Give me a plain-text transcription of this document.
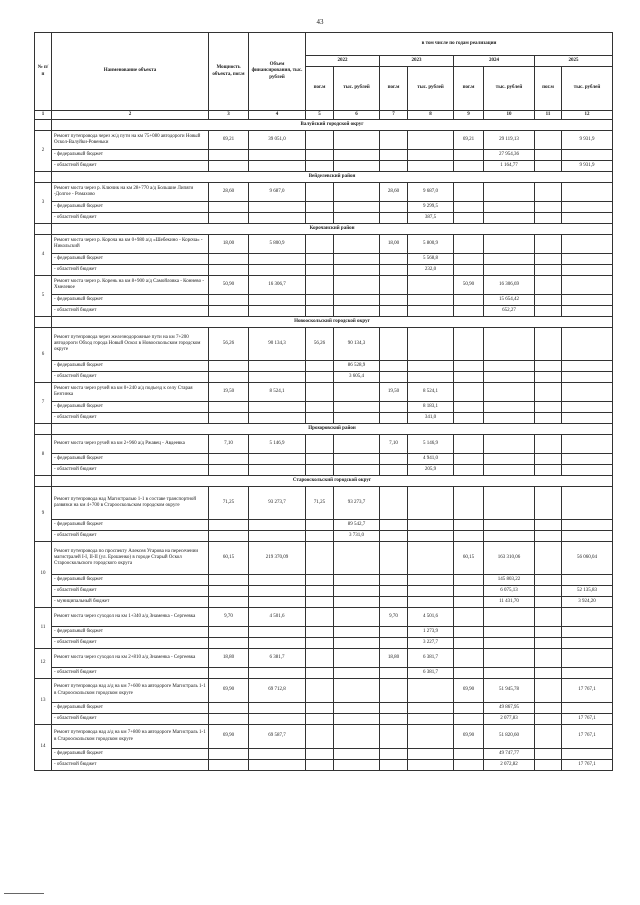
43
№ п/п	Наименование объекта	Мощность объекта, пог.м	Объем финансирования, тыс. рублей	в том числе по годам реализации							
				2022		2023		2024		2025	
				пог.м	тыс. рублей	пог.м	тыс. рублей	пог.м	тыс. рублей	пог.м	тыс. рублей
1	2	3	4	5	6	7	8	9	10	11	12
	Валуйский городской округ										
2	Ремонт путепровода через ж/д пути на км 75+080 автодороги Новый Оскол-Валуйки-Ровеньки	69,21	39 051,0					69,21	29 119,13		9 931,9
	- федеральный бюджет								27 954,36		
	- областной бюджет								1 164,77		9 931,9
	Вейделевский район										
3	Ремонт моста через р. Ключик на км 28+770 а/д Большие Липяги -Долгое - Ромахово	28,60	9 687,0			28,60	9 687,0				
	- федеральный бюджет						9 299,5				
	- областной бюджет						387,5				
	Корочанский район										
4	Ремонт моста через р. Короча на км 0+980 а/д «Шебекино - Короча» - Никольский	18,00	5 800,9			18,00	5 800,9				
	- федеральный бюджет						5 568,8				
	- областной бюджет						232,0				
5	Ремонт моста через р. Корень на км 8+900 а/д Самойловка - Коннево - Хмелевое	50,90	16 306,7					50,90	16 306,69		
	- федеральный бюджет								15 654,42		
	- областной бюджет								652,27		
	Новооскольский городской округ										
6	Ремонт путепровода через железнодорожные пути на км 7+200 автодороги Обход города Новый Оскол в Новооскольском городском округе	56,26	90 134,3	56,26	90 134,3						
	- федеральный бюджет				86 528,9						
	- областной бюджет				3 605,4						
7	Ремонт моста через ручей на км 0+240 а/д подъезд к селу Старая Безгинка	19,50	8 524,1			19,50	8 524,1				
	- федеральный бюджет						8 183,1				
	- областной бюджет						341,0				
	Прохоровский район										
8	Ремонт моста через ручей на км 2+960 а/д Ржавец - Авдеевка	7,10	5 146,9			7,10	5 146,9				
	- федеральный бюджет						4 941,0				
	- областной бюджет						205,9				
	Старооскольский городской округ										
9	Ремонт путепровода над Магистралью 1-1 в составе транспортной развязки на км 4+700 в Старооскольском городском округе	71,25	93 273,7	71,25	93 273,7						
	- федеральный бюджет				89 542,7						
	- областной бюджет				3 731,0						
10	Ремонт путепровода по проспекту Алексея Угарова на пересечении магистралей I-I, II-II (ул. Ерошенко) в городе Старый Оскол Старооскольского городского округа	60,15	219 370,09					60,15	163 310,06		56 060,04
	- федеральный бюджет								145 803,22		
	- областной бюджет								6 075,13		52 135,83
	- муниципальный бюджет								11 431,70		3 924,20
11	Ремонт моста через суходол на км 1+340 а/д Знаменка - Сергеевка	9,70	4 501,6			9,70	4 501,6				
	- федеральный бюджет						1 273,9				
	- областной бюджет						3 227,7				
12	Ремонт моста через суходол на км 2+810 а/д Знаменка - Сергеевка	18,80	6 381,7			18,80	6 381,7				
	- областной бюджет						6 381,7				
13	Ремонт путепровода над а/д на км 7+600 на автодороге Магистраль 1-1 в Старооскольском городском округе	69,90	69 712,8					69,90	51 945,78		17 767,1
	- федеральный бюджет								49 867,95		
	- областной бюджет								2 077,83		17 767,1
14	Ремонт путепровода над а/д на км 7+800 на автодороге Магистраль 1-1 в Старооскольском городском округе	69,90	69 587,7					69,90	51 820,60		17 767,1
	- федеральный бюджет								49 747,77		
	- областной бюджет								2 072,82		17 767,1
